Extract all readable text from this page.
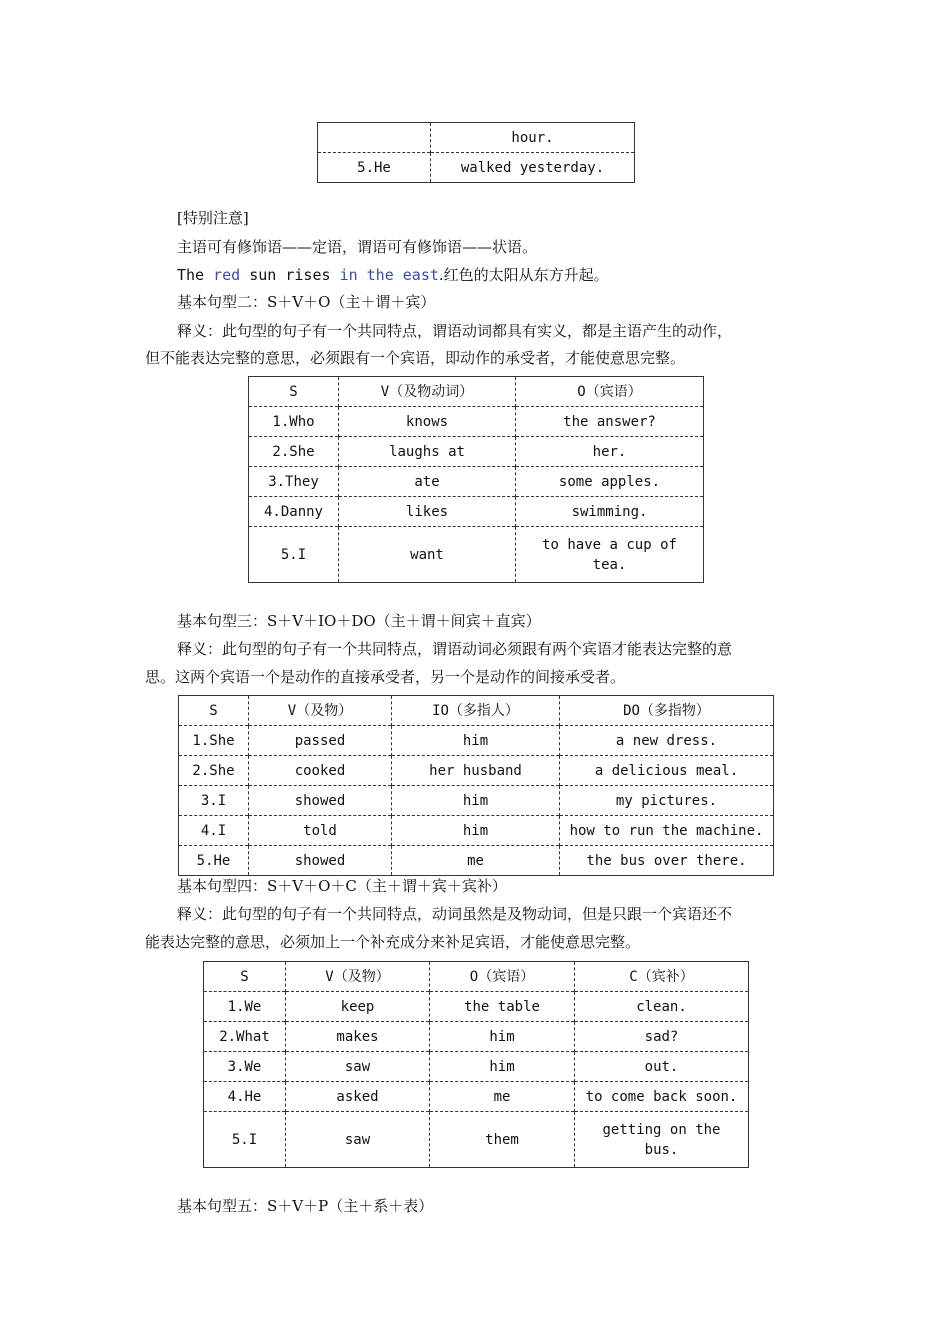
	hour.
5.He	walked yesterday.
[特别注意]
主语可有修饰语——定语，谓语可有修饰语——状语。
The red sun rises in the east.红色的太阳从东方升起。
基本句型二：S＋V＋O（主＋谓＋宾）
释义：此句型的句子有一个共同特点，谓语动词都具有实义，都是主语产生的动作，
但不能表达完整的意思，必须跟有一个宾语，即动作的承受者，才能使意思完整。
S	V（及物动词）	O（宾语）
1.Who	knows	the answer?
2.She	laughs at	her.
3.They	ate	some apples.
4.Danny	likes	swimming.
5.I	want	to have a cup of tea.
基本句型三：S＋V＋IO＋DO（主＋谓＋间宾＋直宾）
释义：此句型的句子有一个共同特点，谓语动词必须跟有两个宾语才能表达完整的意
思。这两个宾语一个是动作的直接承受者，另一个是动作的间接承受者。
S	V（及物）	IO（多指人）	DO（多指物）
1.She	passed	him	a new dress.
2.She	cooked	her husband	a delicious meal.
3.I	showed	him	my pictures.
4.I	told	him	how to run the machine.
5.He	showed	me	the bus over there.
基本句型四：S＋V＋O＋C（主＋谓＋宾＋宾补）
释义：此句型的句子有一个共同特点，动词虽然是及物动词，但是只跟一个宾语还不
能表达完整的意思，必须加上一个补充成分来补足宾语，才能使意思完整。
S	V（及物）	O（宾语）	C（宾补）
1.We	keep	the table	clean.
2.What	makes	him	sad?
3.We	saw	him	out.
4.He	asked	me	to come back soon.
5.I	saw	them	getting on the bus.
基本句型五：S＋V＋P（主＋系＋表）
